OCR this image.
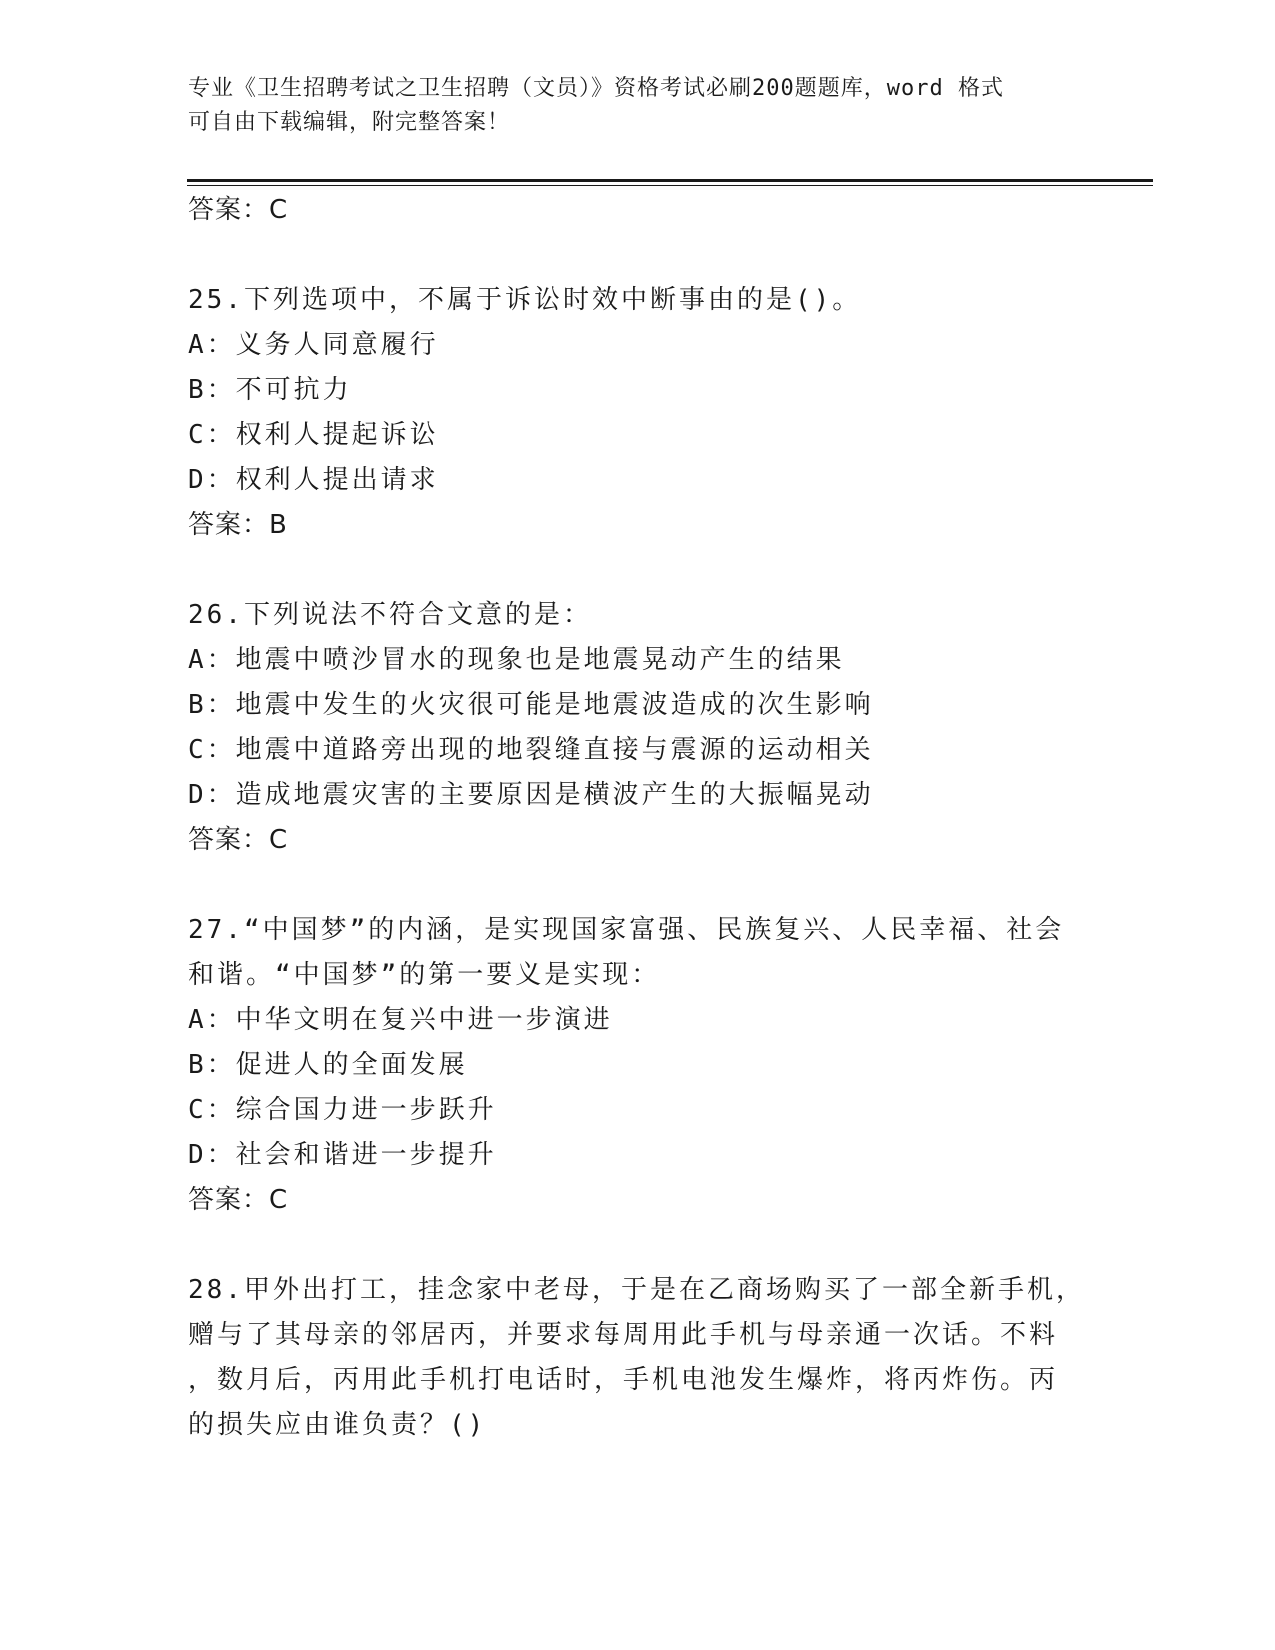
专业《卫生招聘考试之卫生招聘（文员）》资格考试必刷200题题库，word 格式
可自由下载编辑，附完整答案！
答案：C
25.下列选项中，不属于诉讼时效中断事由的是()。
A：义务人同意履行
B：不可抗力
C：权利人提起诉讼
D：权利人提出请求
答案：B
26.下列说法不符合文意的是：
A：地震中喷沙冒水的现象也是地震晃动产生的结果
B：地震中发生的火灾很可能是地震波造成的次生影响
C：地震中道路旁出现的地裂缝直接与震源的运动相关
D：造成地震灾害的主要原因是横波产生的大振幅晃动
答案：C
27.“中国梦”的内涵，是实现国家富强、民族复兴、人民幸福、社会
和谐。“中国梦”的第一要义是实现：
A：中华文明在复兴中进一步演进
B：促进人的全面发展
C：综合国力进一步跃升
D：社会和谐进一步提升
答案：C
28.甲外出打工，挂念家中老母，于是在乙商场购买了一部全新手机，
赠与了其母亲的邻居丙，并要求每周用此手机与母亲通一次话。不料
，数月后，丙用此手机打电话时，手机电池发生爆炸，将丙炸伤。丙
的损失应由谁负责？()
